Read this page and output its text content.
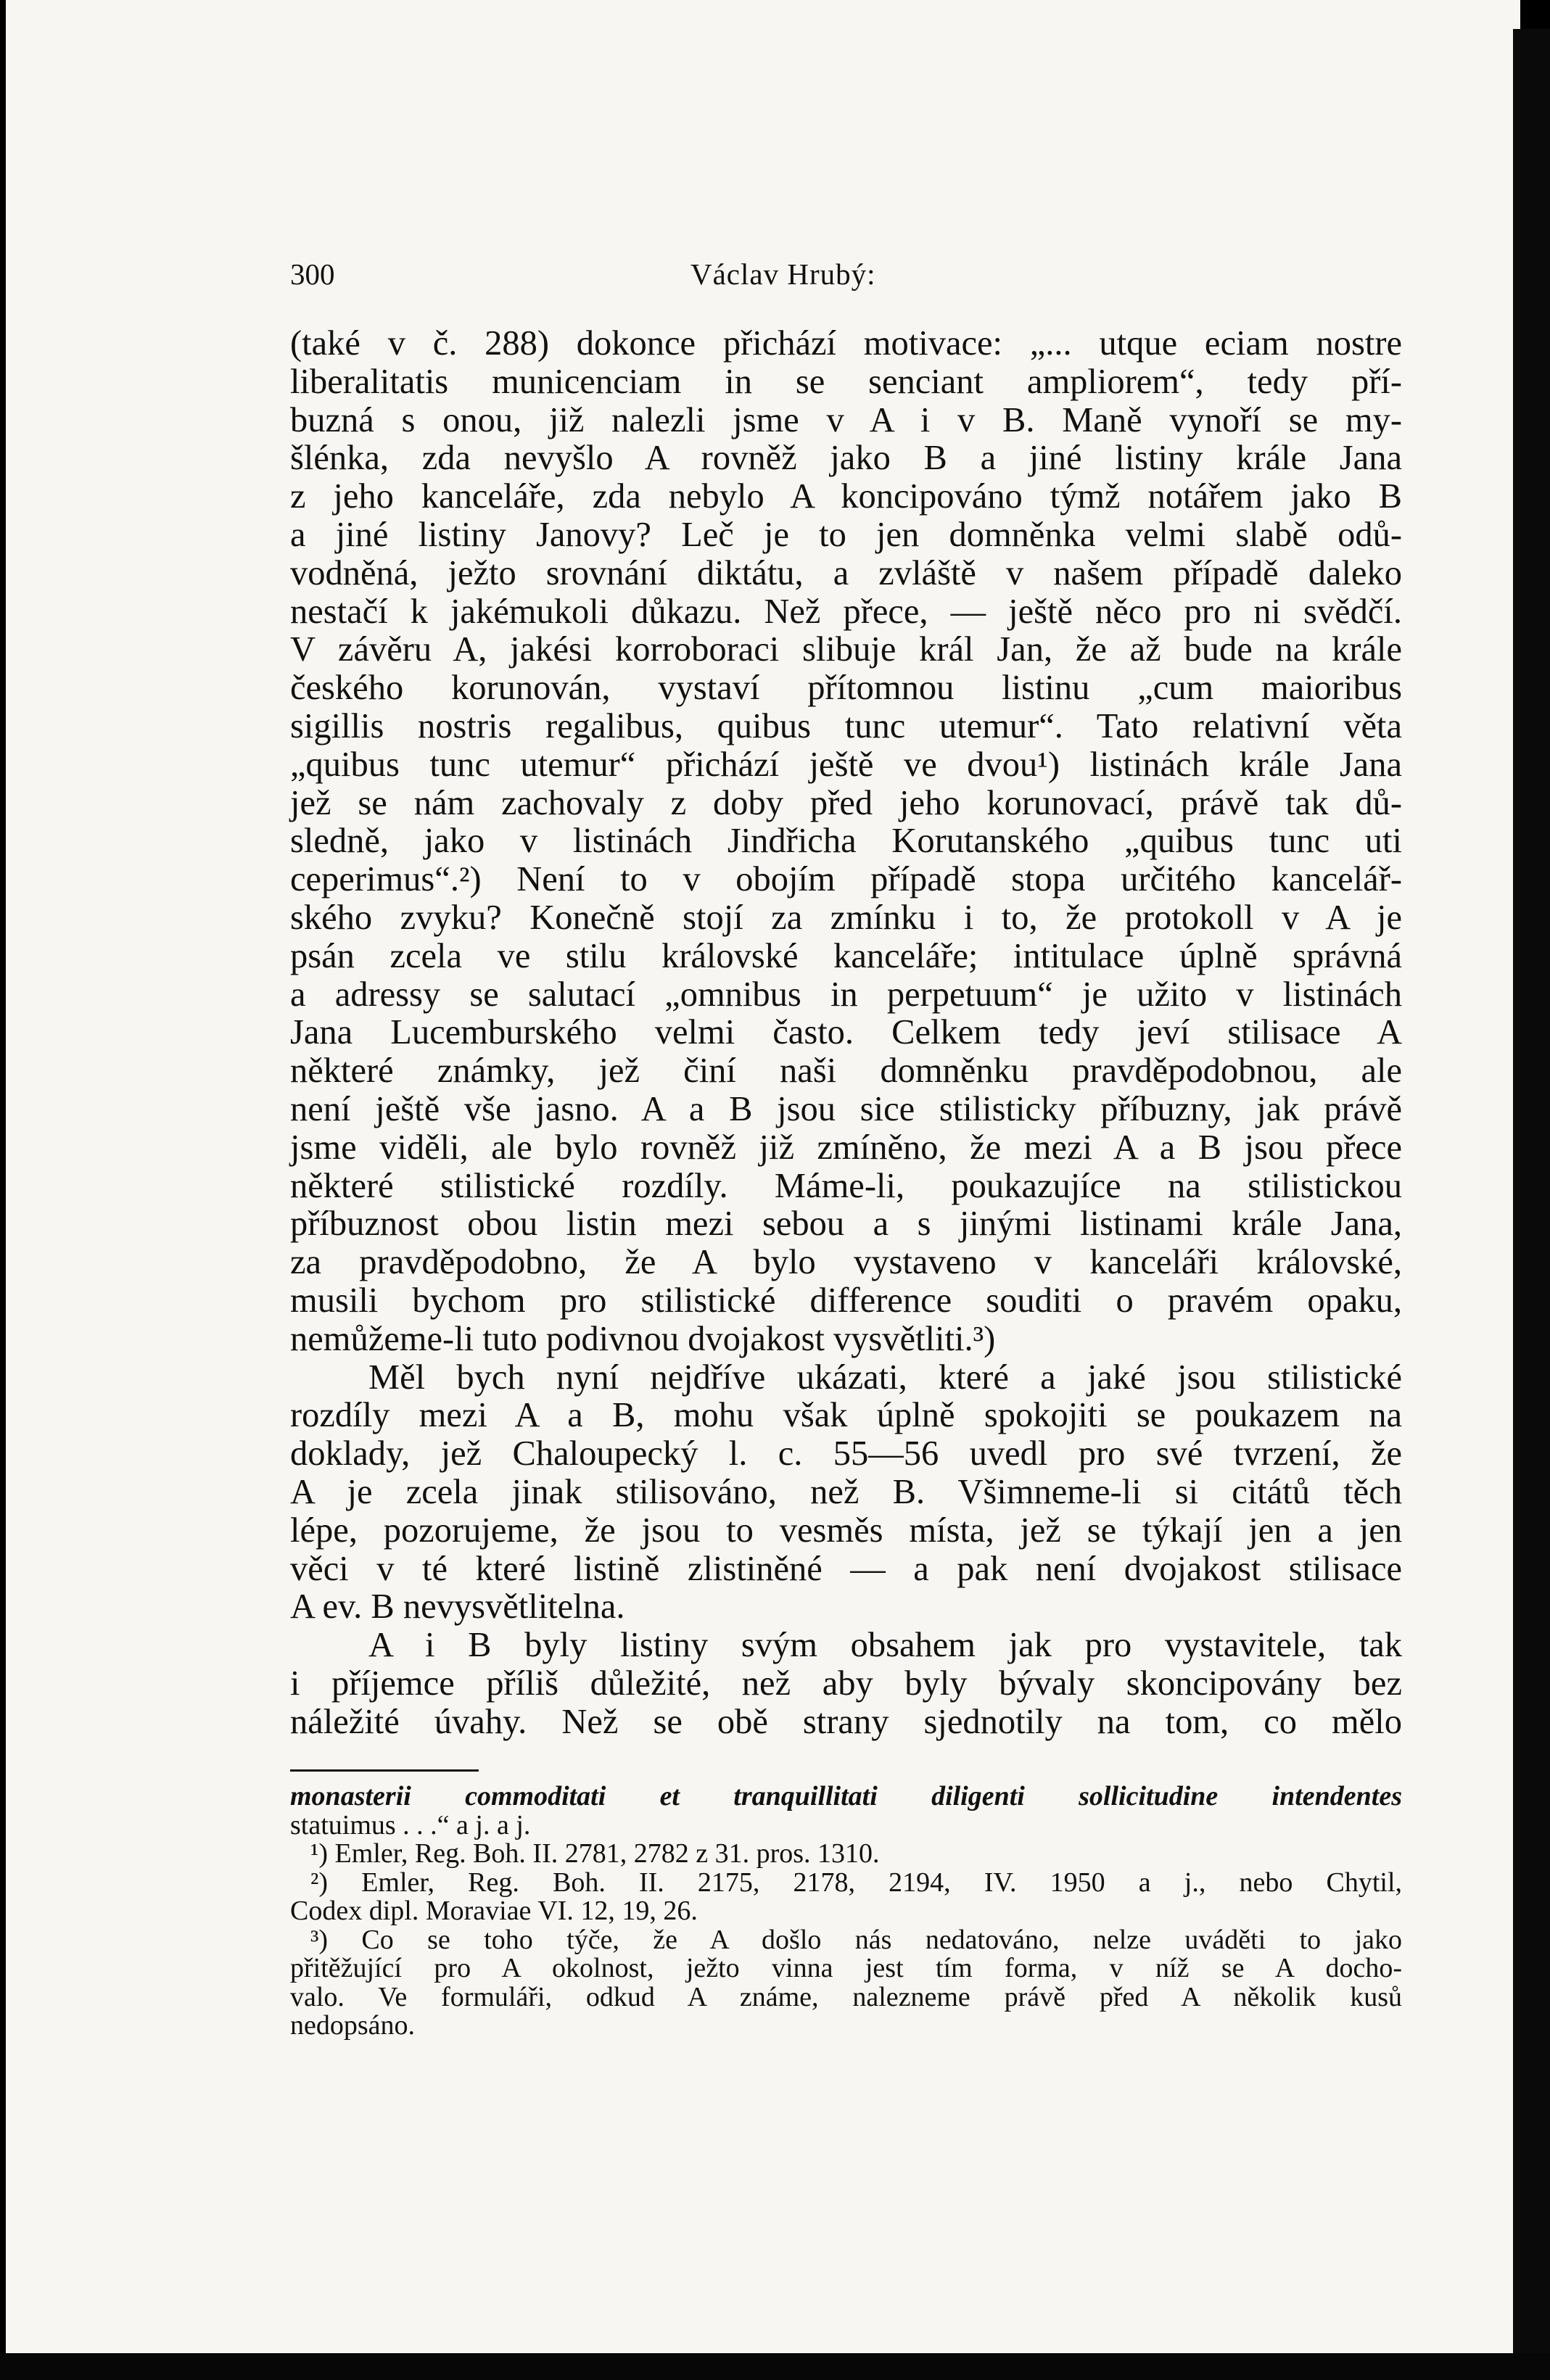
300	Václav Hrubý:
(také v č. 288) dokonce přichází motivace: „... utque eciam nostre
liberalitatis municenciam in se senciant ampliorem“, tedy pří-
buzná s onou, již nalezli jsme v A i v B. Maně vynoří se my-
šlénka, zda nevyšlo A rovněž jako B a jiné listiny krále Jana
z jeho kanceláře, zda nebylo A koncipováno týmž notářem jako B
a jiné listiny Janovy? Leč je to jen domněnka velmi slabě odů-
vodněná, ježto srovnání diktátu, a zvláště v našem případě daleko
nestačí k jakémukoli důkazu. Než přece, — ještě něco pro ni svědčí.
V závěru A, jakési korroboraci slibuje král Jan, že až bude na krále
českého korunován, vystaví přítomnou listinu „cum maioribus
sigillis nostris regalibus, quibus tunc utemur“. Tato relativní věta
„quibus tunc utemur“ přichází ještě ve dvou¹) listinách krále Jana
jež se nám zachovaly z doby před jeho korunovací, právě tak dů-
sledně, jako v listinách Jindřicha Korutanského „quibus tunc uti
ceperimus“.²) Není to v obojím případě stopa určitého kancelář-
ského zvyku? Konečně stojí za zmínku i to, že protokoll v A je
psán zcela ve stilu královské kanceláře; intitulace úplně správná
a adressy se salutací „omnibus in perpetuum“ je užito v listinách
Jana Lucemburského velmi často. Celkem tedy jeví stilisace A
některé známky, jež činí naši domněnku pravděpodobnou, ale
není ještě vše jasno. A a B jsou sice stilisticky příbuzny, jak právě
jsme viděli, ale bylo rovněž již zmíněno, že mezi A a B jsou přece
některé stilistické rozdíly. Máme-li, poukazujíce na stilistickou
příbuznost obou listin mezi sebou a s jinými listinami krále Jana,
za pravděpodobno, že A bylo vystaveno v kanceláři královské,
musili bychom pro stilistické difference souditi o pravém opaku,
nemůžeme-li tuto podivnou dvojakost vysvětliti.³)
Měl bych nyní nejdříve ukázati, které a jaké jsou stilistické
rozdíly mezi A a B, mohu však úplně spokojiti se poukazem na
doklady, jež Chaloupecký l. c. 55—56 uvedl pro své tvrzení, že
A je zcela jinak stilisováno, než B. Všimneme-li si citátů těch
lépe, pozorujeme, že jsou to vesměs místa, jež se týkají jen a jen
věci v té které listině zlistiněné — a pak není dvojakost stilisace
A ev. B nevysvětlitelna.
A i B byly listiny svým obsahem jak pro vystavitele, tak
i příjemce příliš důležité, než aby byly bývaly skoncipovány bez
náležité úvahy. Než se obě strany sjednotily na tom, co mělo
monasterii commoditati et tranquillitati diligenti sollicitudine intendentes
statuimus . . .“ a j. a j.
¹) Emler, Reg. Boh. II. 2781, 2782 z 31. pros. 1310.
²) Emler, Reg. Boh. II. 2175, 2178, 2194, IV. 1950 a j., nebo Chytil,
Codex dipl. Moraviae VI. 12, 19, 26.
³) Co se toho týče, že A došlo nás nedatováno, nelze uváděti to jako
přitěžující pro A okolnost, ježto vinna jest tím forma, v níž se A docho-
valo. Ve formuláři, odkud A známe, nalezneme právě před A několik kusů
nedopsáno.
